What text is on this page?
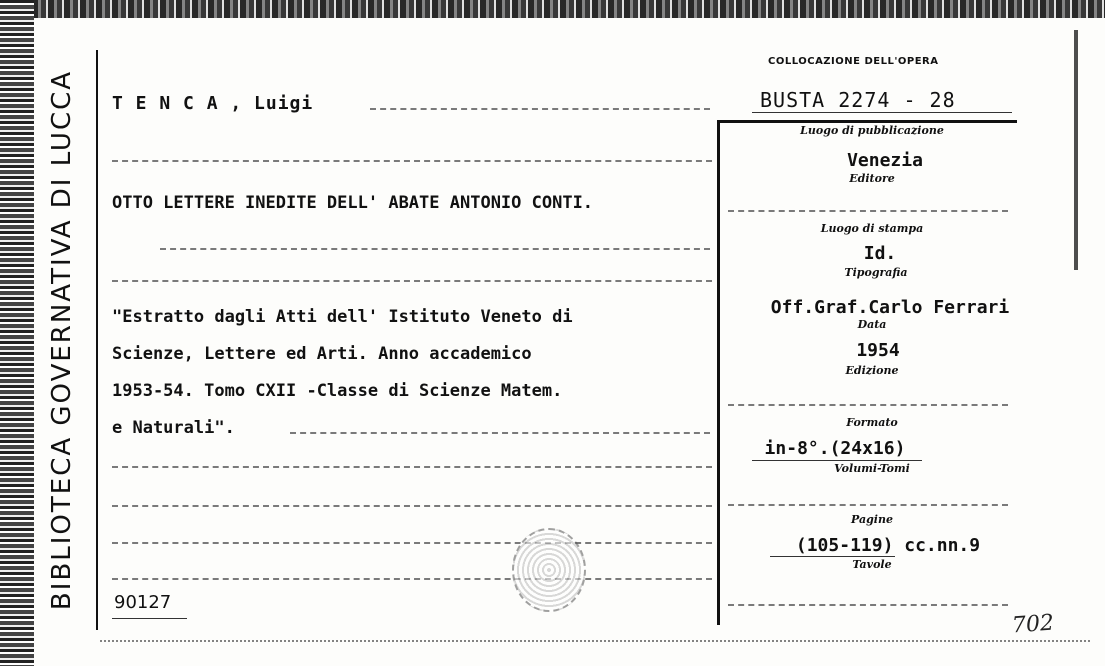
BIBLIOTECA GOVERNATIVA DI LUCCA T E N C A , Luigi
OTTO LETTERE INEDITE DELL' ABATE ANTONIO CONTI.
"Estratto dagli Atti dell' Istituto Veneto di
Scienze, Lettere ed Arti. Anno accademico
1953-54. Tomo CXII -Classe di Scienze Matem.
e Naturali".
90127
COLLOCAZIONE DELL'OPERA
BUSTA 2274 - 28
Luogo di pubblicazione
Venezia
Editore
Luogo di stampa
Id.
Tipografia
Off.Graf.Carlo Ferrari
Data
1954
Edizione
Formato
in-8°.(24x16)
Volumi-Tomi
Pagine
(105-119) cc.nn.9
Tavole
702
